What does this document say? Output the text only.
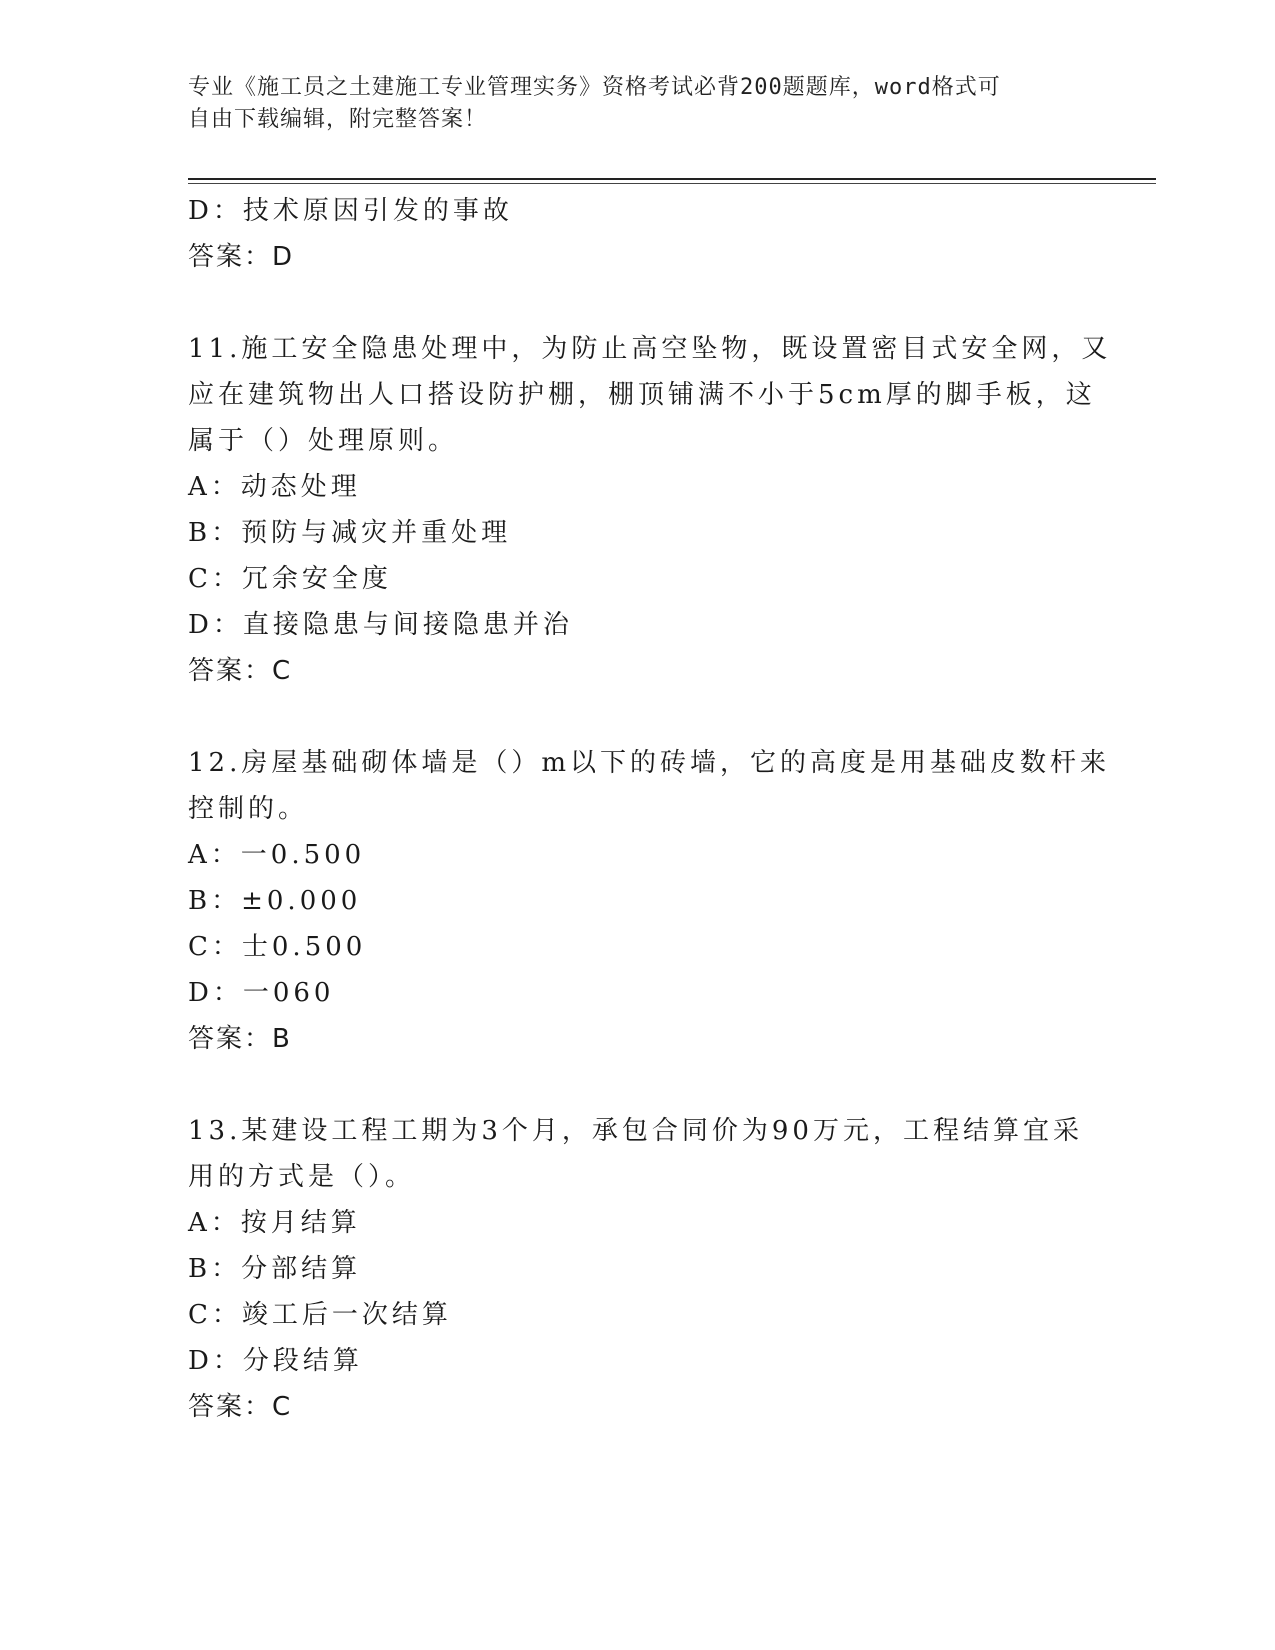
专业《施工员之土建施工专业管理实务》资格考试必背200题题库，word格式可
自由下载编辑，附完整答案！
D：技术原因引发的事故
答案：D
11.施工安全隐患处理中，为防止高空坠物，既设置密目式安全网，又
应在建筑物出人口搭设防护棚，棚顶铺满不小于5cm厚的脚手板，这
属于（）处理原则。
A：动态处理
B：预防与减灾并重处理
C：冗余安全度
D：直接隐患与间接隐患并治
答案：C
12.房屋基础砌体墙是（）m以下的砖墙，它的高度是用基础皮数杆来
控制的。
A：一0.500
B：±0.000
C：士0.500
D：一060
答案：B
13.某建设工程工期为3个月，承包合同价为90万元，工程结算宜采
用的方式是（）。
A：按月结算
B：分部结算
C：竣工后一次结算
D：分段结算
答案：C
